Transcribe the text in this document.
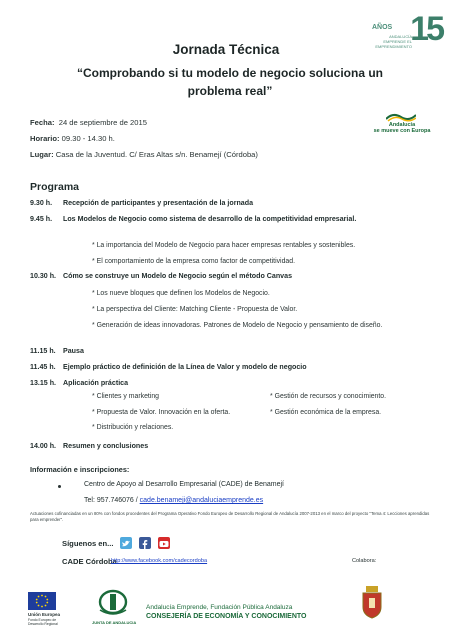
AÑOS 15
ANDALUCÍA EMPRENDE EL EMPRENDIMIENTO
Jornada Técnica
“Comprobando si tu modelo de negocio soluciona un problema real”
Andalucía
se mueve con Europa
Fecha: 24 de septiembre de 2015
Horario: 09.30 - 14.30 h.
Lugar: Casa de la Juventud. C/ Eras Altas s/n. Benamejí (Córdoba)
Programa
9.30 h. Recepción de participantes y presentación de la jornada
9.45 h. Los Modelos de Negocio como sistema de desarrollo de la competitividad empresarial.
* La importancia del Modelo de Negocio para hacer empresas rentables y sostenibles.
* El comportamiento de la empresa como factor de competitividad.
10.30 h. Cómo se construye un Modelo de Negocio según el método Canvas
* Los nueve bloques que definen los Modelos de Negocio.
* La perspectiva del Cliente: Matching Cliente - Propuesta de Valor.
* Generación de ideas innovadoras. Patrones de Modelo de Negocio y pensamiento de diseño.
11.15 h. Pausa
11.45 h. Ejemplo práctico de definición de la Línea de Valor y modelo de negocio
13.15 h. Aplicación práctica
* Clientes y marketing	* Gestión de recursos y conocimiento.
* Propuesta de Valor. Innovación en la oferta.	* Gestión económica de la empresa.
* Distribución y relaciones.
14.00 h. Resumen y conclusiones
Información e inscripciones:
Centro de Apoyo al Desarrollo Empresarial (CADE) de Benamejí
Tel: 957.746076 / cade.benameji@andaluciaemprende.es
Actuaciones cofinanciadas en un 80% con fondos procedentes del Programa Operativo Fondo Europeo de Desarrollo Regional de Andalucía 2007-2013 en el marco del proyecto "Tema 4: Lecciones aprendidas para emprender".
Síguenos en...
CADE Córdoba
http://www.facebook.com/cadecordoba	Colabora:
Unión Europea
Fondo Europeo de Desarrollo Regional	JUNTA DE ANDALUCIA
Andalucía Emprende, Fundación Pública Andaluza
CONSEJERÍA DE ECONOMÍA Y CONOCIMIENTO
